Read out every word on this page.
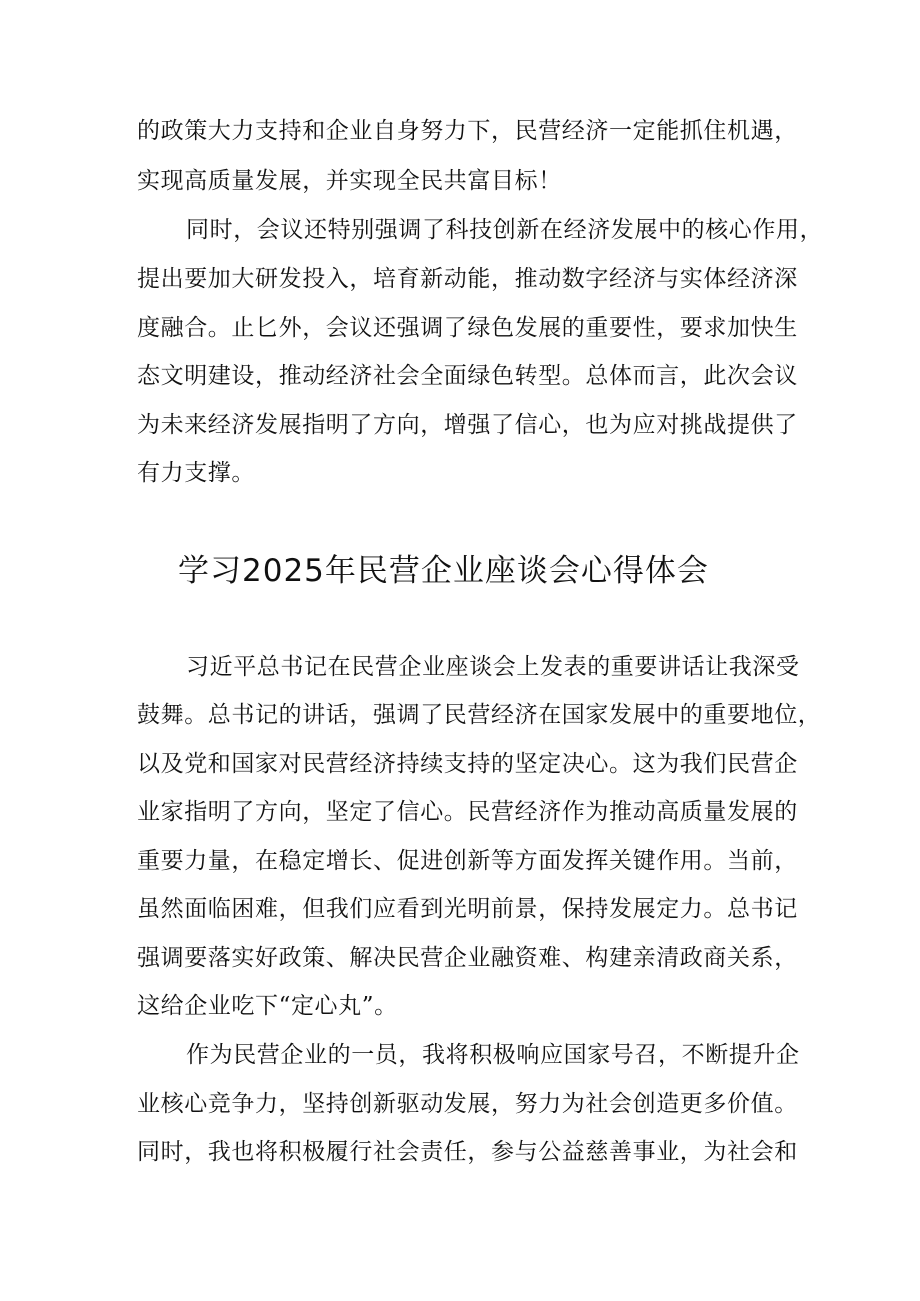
的政策大力支持和企业自身努力下，民营经济一定能抓住机遇，
实现高质量发展，并实现全民共富目标！
同时，会议还特别强调了科技创新在经济发展中的核心作用，
提出要加大研发投入，培育新动能，推动数字经济与实体经济深
度融合。止匕外，会议还强调了绿色发展的重要性，要求加快生
态文明建设，推动经济社会全面绿色转型。总体而言，此次会议
为未来经济发展指明了方向，增强了信心，也为应对挑战提供了
有力支撑。
学习2025年民营企业座谈会心得体会
习近平总书记在民营企业座谈会上发表的重要讲话让我深受
鼓舞。总书记的讲话，强调了民营经济在国家发展中的重要地位，
以及党和国家对民营经济持续支持的坚定决心。这为我们民营企
业家指明了方向，坚定了信心。民营经济作为推动高质量发展的
重要力量，在稳定增长、促进创新等方面发挥关键作用。当前，
虽然面临困难，但我们应看到光明前景，保持发展定力。总书记
强调要落实好政策、解决民营企业融资难、构建亲清政商关系，
这给企业吃下“定心丸”。
作为民营企业的一员，我将积极响应国家号召，不断提升企
业核心竞争力，坚持创新驱动发展，努力为社会创造更多价值。
同时，我也将积极履行社会责任，参与公益慈善事业，为社会和
